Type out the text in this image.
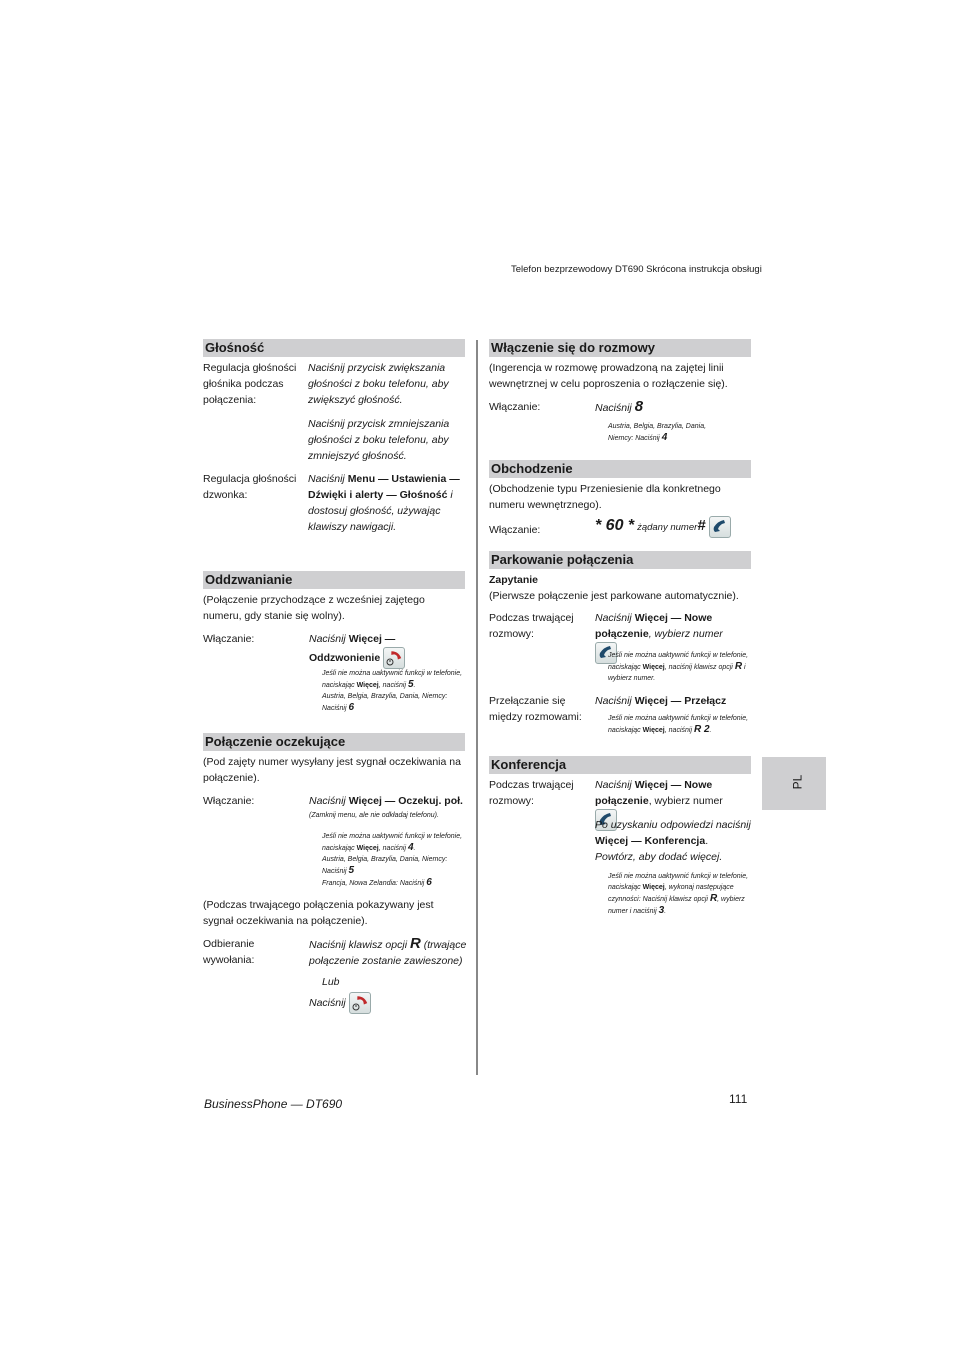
Telefon bezprzewodowy DT690 Skrócona instrukcja obsługi
Głośność
Regulacja głośności głośnika podczas połączenia:
Naciśnij przycisk zwiększania głośności z boku telefonu, aby zwiększyć głośność.
Naciśnij przycisk zmniejszania głośności z boku telefonu, aby zmniejszyć głośność.
Regulacja głośności dzwonka:
Naciśnij Menu — Ustawienia — Dźwięki i alerty — Głośność i dostosuj głośność, używając klawiszy nawigacji.
Oddzwanianie
(Połączenie przychodzące z wcześniej zajętego numeru, gdy stanie się wolny).
Włączanie:	Naciśnij Więcej — Oddzwonienie
Jeśli nie można uaktywnić funkcji w telefonie, naciskając Więcej, naciśnij 5.
Austria, Belgia, Brazylia, Dania, Niemcy: Naciśnij 6
Połączenie oczekujące
(Pod zajęty numer wysyłany jest sygnał oczekiwania na połączenie).
Włączanie:	Naciśnij Więcej — Oczekuj. poł.
(Zamknij menu, ale nie odkładaj telefonu).
Jeśli nie można uaktywnić funkcji w telefonie, naciskając Więcej, naciśnij 4.
Austria, Belgia, Brazylia, Dania, Niemcy: Naciśnij 5
Francja, Nowa Zelandia: Naciśnij 6
(Podczas trwającego połączenia pokazywany jest sygnał oczekiwania na połączenie).
Odbieranie wywołania:
Naciśnij klawisz opcji R (trwające połączenie zostanie zawieszone)
Lub
Naciśnij
Włączenie się do rozmowy
(Ingerencja w rozmowę prowadzoną na zajętej linii wewnętrznej w celu poproszenia o rozłączenie się).
Włączanie:	Naciśnij 8
Austria, Belgia, Brazylia, Dania, Niemcy: Naciśnij 4
Obchodzenie
(Obchodzenie typu Przeniesienie dla konkretnego numeru wewnętrznego).
Włączanie:	* 60 * żądany numer#
Parkowanie połączenia
Zapytanie
(Pierwsze połączenie jest parkowane automatycznie).
Podczas trwającej rozmowy:
Naciśnij Więcej — Nowe połączenie, wybierz numer
Jeśli nie można uaktywnić funkcji w telefonie, naciskając Więcej, naciśnij klawisz opcji R i wybierz numer.
Przełączanie się między rozmowami:
Naciśnij Więcej — Przełącz
Jeśli nie można uaktywnić funkcji w telefonie, naciskając Więcej, naciśnij R 2.
Konferencja
Podczas trwającej rozmowy:
Naciśnij Więcej — Nowe połączenie, wybierz numer
Po uzyskaniu odpowiedzi naciśnij Więcej — Konferencja.
Powtórz, aby dodać więcej.
Jeśli nie można uaktywnić funkcji w telefonie, naciskając Więcej, wykonaj następujące czynności: Naciśnij klawisz opcji R, wybierz numer i naciśnij 3.
PL
BusinessPhone — DT690	111
